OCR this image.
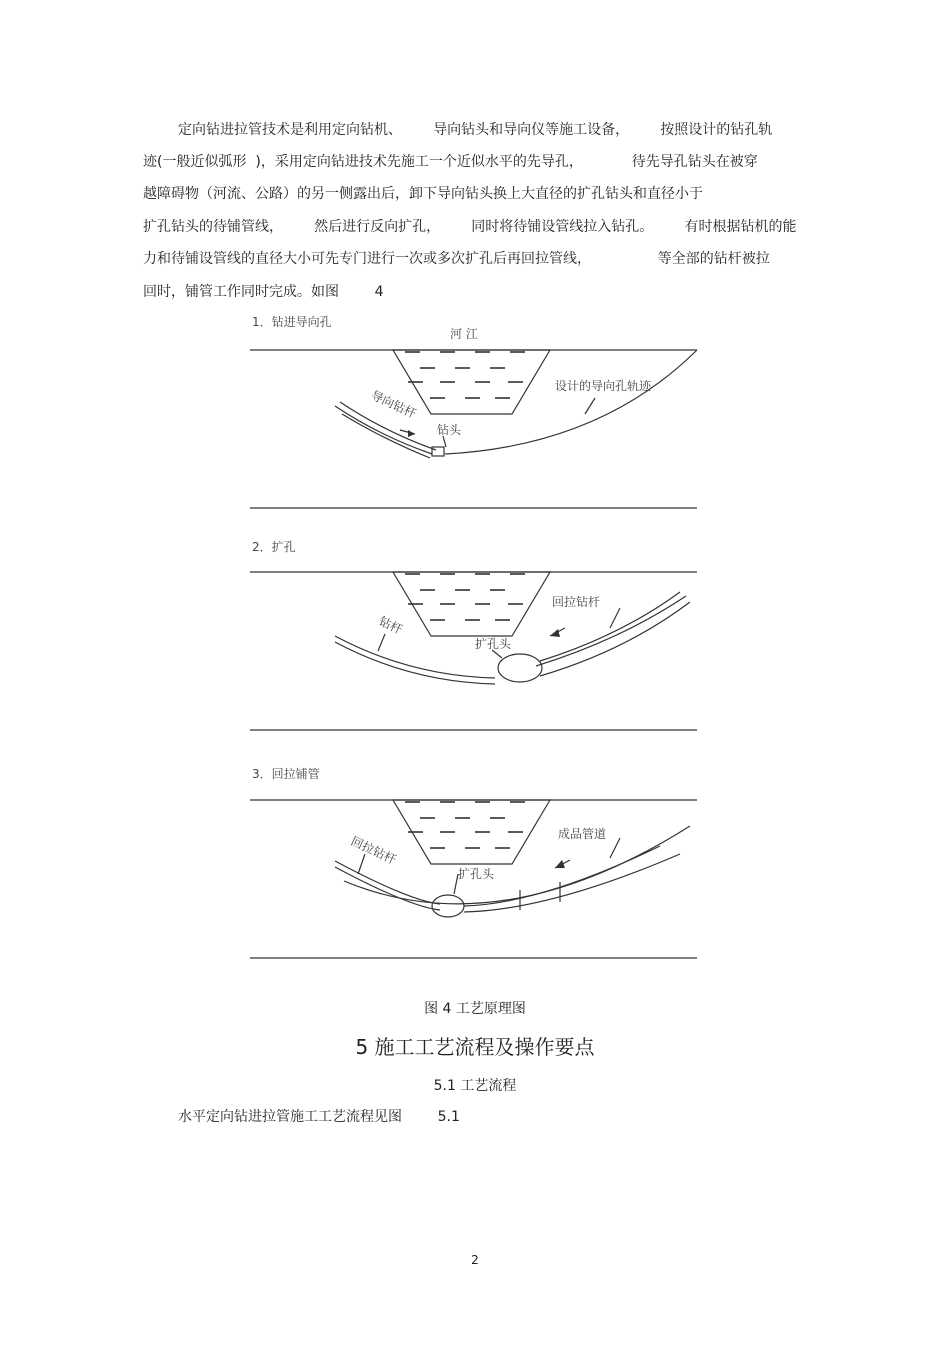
定向钻进拉管技术是利用定向钻机、       导向钻头和导向仪等施工设备，       按照设计的钻孔轨
迹(一般近似弧形  )，采用定向钻进技术先施工一个近似水平的先导孔，           待先导孔钻头在被穿
越障碍物（河流、公路）的另一侧露出后，卸下导向钻头换上大直径的扩孔钻头和直径小于
扩孔钻头的待铺管线，       然后进行反向扩孔，       同时将待铺设管线拉入钻孔。       有时根据钻机的能
力和待铺设管线的直径大小可先专门进行一次或多次扩孔后再回拉管线，               等全部的钻杆被拉
回时，铺管工作同时完成。如图        4
1．钻进导向孔
河 江
导向钻杆
钻头
设计的导向孔轨迹
2．扩孔
钻杆
扩孔头
回拉钻杆
3．回拉铺管
回拉钻杆
扩孔头
成品管道
图 4 工艺原理图
5 施工工艺流程及操作要点
5.1 工艺流程
水平定向钻进拉管施工工艺流程见图        5.1
2
